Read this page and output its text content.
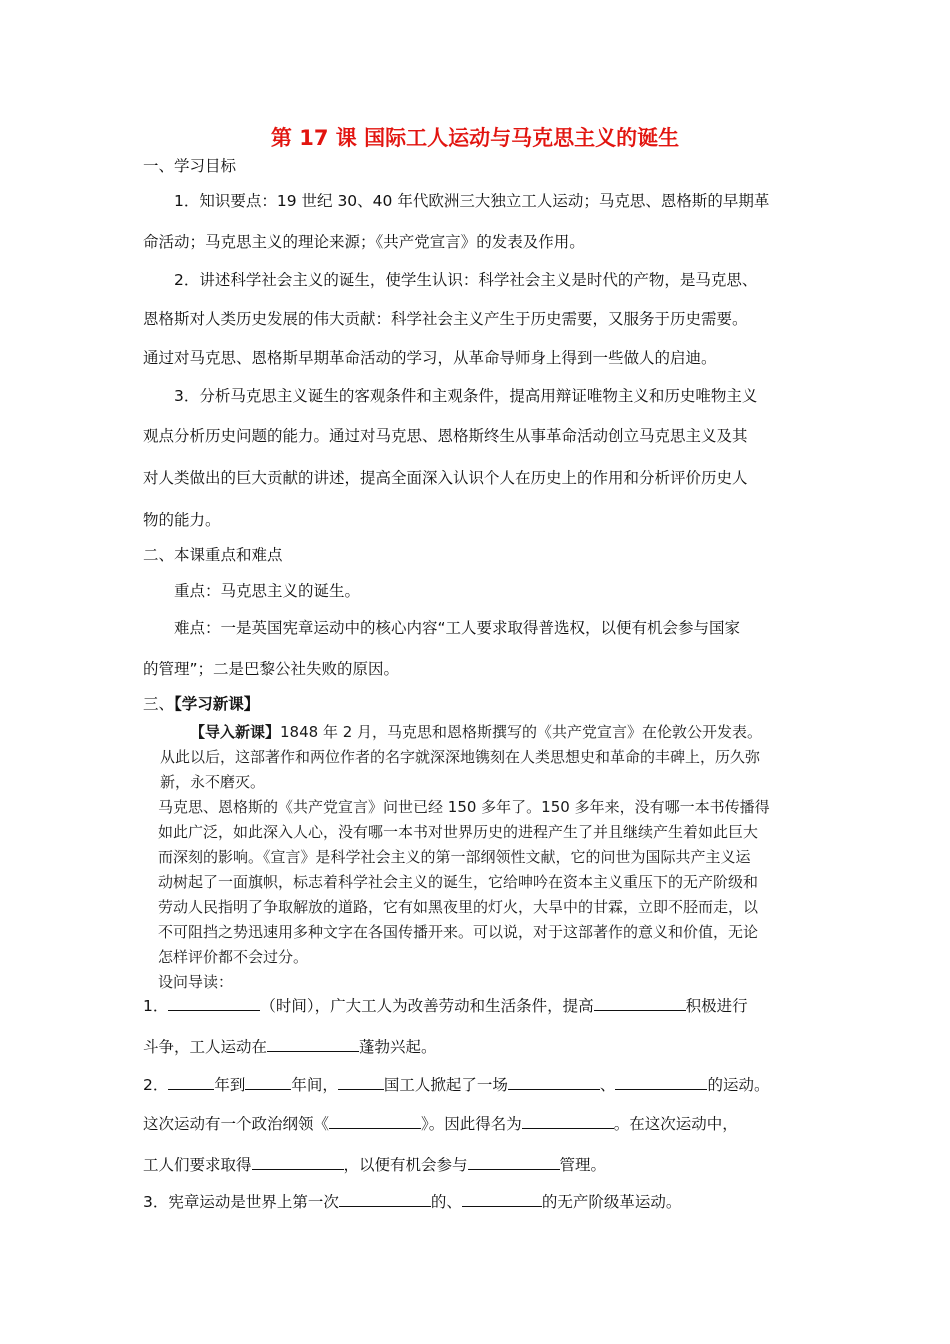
第 17 课 国际工人运动与马克思主义的诞生
一、学习目标
1．知识要点：19 世纪 30、40 年代欧洲三大独立工人运动；马克思、恩格斯的早期革
命活动；马克思主义的理论来源；《共产党宣言》的发表及作用。
2．讲述科学社会主义的诞生，使学生认识：科学社会主义是时代的产物，是马克思、
恩格斯对人类历史发展的伟大贡献：科学社会主义产生于历史需要，又服务于历史需要。
通过对马克思、恩格斯早期革命活动的学习，从革命导师身上得到一些做人的启迪。
3．分析马克思主义诞生的客观条件和主观条件，提高用辩证唯物主义和历史唯物主义
观点分析历史问题的能力。通过对马克思、恩格斯终生从事革命活动创立马克思主义及其
对人类做出的巨大贡献的讲述，提高全面深入认识个人在历史上的作用和分析评价历史人
物的能力。
二、本课重点和难点
重点：马克思主义的诞生。
难点：一是英国宪章运动中的核心内容“工人要求取得普选权，以便有机会参与国家
的管理”；二是巴黎公社失败的原因。
三、【学习新课】
【导入新课】1848 年 2 月，马克思和恩格斯撰写的《共产党宣言》在伦敦公开发表。
从此以后，这部著作和两位作者的名字就深深地镌刻在人类思想史和革命的丰碑上，历久弥
新，永不磨灭。
马克思、恩格斯的《共产党宣言》问世已经 150 多年了。150 多年来，没有哪一本书传播得
如此广泛，如此深入人心，没有哪一本书对世界历史的进程产生了并且继续产生着如此巨大
而深刻的影响。《宣言》是科学社会主义的第一部纲领性文献，它的问世为国际共产主义运
动树起了一面旗帜，标志着科学社会主义的诞生，它给呻吟在资本主义重压下的无产阶级和
劳动人民指明了争取解放的道路，它有如黑夜里的灯火，大旱中的甘霖，立即不胫而走，以
不可阻挡之势迅速用多种文字在各国传播开来。可以说，对于这部著作的意义和价值，无论
怎样评价都不会过分。
设问导读：
1．	（时间），广大工人为改善劳动和生活条件，提高	积极进行
斗争，工人运动在	蓬勃兴起。
2．	年到	年间，	国工人掀起了一场	、	的运动。
这次运动有一个政治纲领《	》。因此得名为	。在这次运动中，
工人们要求取得	，以便有机会参与	管理。
3．宪章运动是世界上第一次	的、	的无产阶级革运动。
